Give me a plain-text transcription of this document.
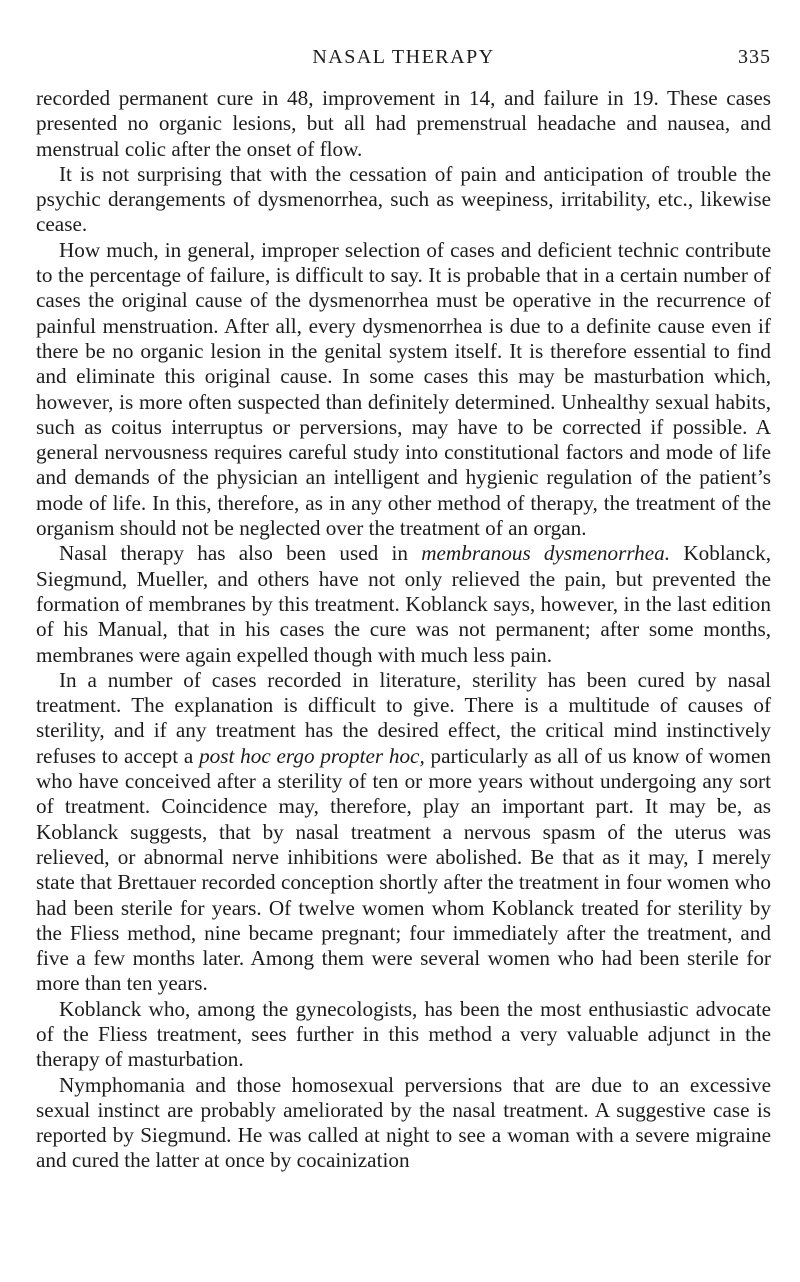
NASAL THERAPY	335

recorded permanent cure in 48, improvement in 14, and failure in 19. These cases presented no organic lesions, but all had premenstrual headache and nausea, and menstrual colic after the onset of flow.

It is not surprising that with the cessation of pain and anticipation of trouble the psychic derangements of dysmenorrhea, such as weepiness, irritability, etc., likewise cease.

How much, in general, improper selection of cases and deficient technic contribute to the percentage of failure, is difficult to say. It is probable that in a certain number of cases the original cause of the dysmenorrhea must be operative in the recurrence of painful menstruation. After all, every dysmenorrhea is due to a definite cause even if there be no organic lesion in the genital system itself. It is therefore essential to find and eliminate this original cause. In some cases this may be masturbation which, however, is more often suspected than definitely determined. Unhealthy sexual habits, such as coitus interruptus or perversions, may have to be corrected if possible. A general nervousness requires careful study into constitutional factors and mode of life and demands of the physician an intelligent and hygienic regulation of the patient’s mode of life. In this, therefore, as in any other method of therapy, the treatment of the organism should not be neglected over the treatment of an organ.

Nasal therapy has also been used in membranous dysmenorrhea. Koblanck, Siegmund, Mueller, and others have not only relieved the pain, but prevented the formation of membranes by this treatment. Koblanck says, however, in the last edition of his Manual, that in his cases the cure was not permanent; after some months, membranes were again expelled though with much less pain.

In a number of cases recorded in literature, sterility has been cured by nasal treatment. The explanation is difficult to give. There is a multitude of causes of sterility, and if any treatment has the desired effect, the critical mind instinctively refuses to accept a post hoc ergo propter hoc, particularly as all of us know of women who have conceived after a sterility of ten or more years without undergoing any sort of treatment. Coincidence may, therefore, play an important part. It may be, as Koblanck suggests, that by nasal treatment a nervous spasm of the uterus was relieved, or abnormal nerve inhibitions were abolished. Be that as it may, I merely state that Brettauer recorded conception shortly after the treatment in four women who had been sterile for years. Of twelve women whom Koblanck treated for sterility by the Fliess method, nine became pregnant; four immediately after the treatment, and five a few months later. Among them were several women who had been sterile for more than ten years.

Koblanck who, among the gynecologists, has been the most enthusiastic advocate of the Fliess treatment, sees further in this method a very valuable adjunct in the therapy of masturbation.

Nymphomania and those homosexual perversions that are due to an excessive sexual instinct are probably ameliorated by the nasal treatment. A suggestive case is reported by Siegmund. He was called at night to see a woman with a severe migraine and cured the latter at once by cocainization
